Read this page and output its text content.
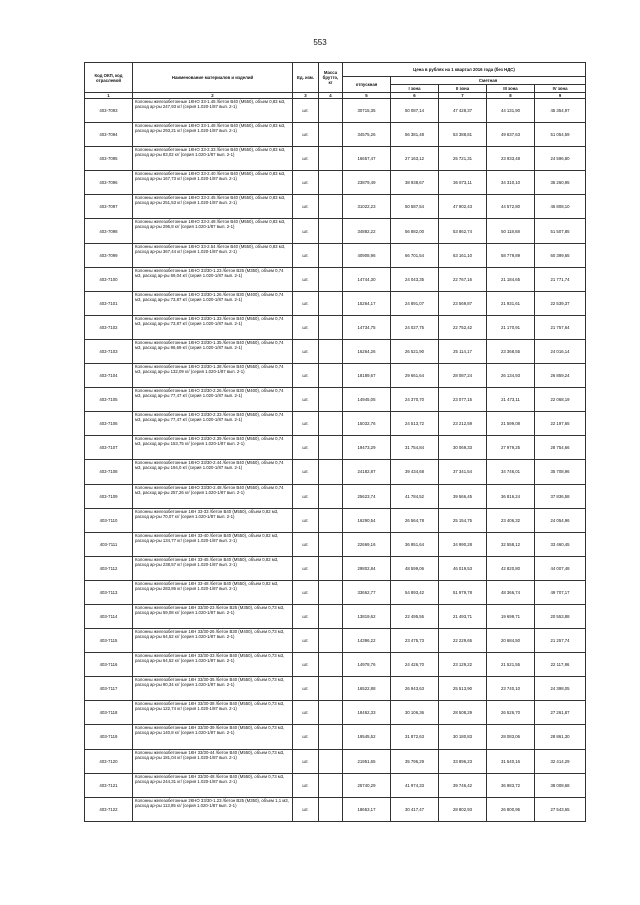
553
Код ОКП, код отраслевой	Наименование материалов и изделий	Ед. изм.	Масса брутто, кг	Цена в рублях на 1 квартал 2016 года (без НДС)				
				отпускная	Сметная			
					I зона	II зона	III зона	IV зона
1	2	3	4	5	6	7	8	9
403-7093	Колонны железобетонные 1КНО 33-1.45 /бетон В40 (М550), объем 0,83 м3, расход ар-ры 247,93 кг/ (серия 1.020-1/87 вып. 2-1)	шт.		30715,35	50 087,14	47 428,37	44 131,90	45 354,97
403-7094	Колонны железобетонные 1КНО 33-1.48 /бетон В40 (М550), объем 0,83 м3, расход ар-ры 293,21 кг/ (серия 1.020-1/87 вып. 2-1)	шт.		34575,26	56 381,48	53 388,81	49 637,63	51 054,59
403-7095	Колонны железобетонные 1КНО 33-2.33 /бетон В40 (М550), объем 0,83 м3, расход ар-ры 83,02 кг/ (серия 1.020-1/87 вып. 2-1)	шт.		16657,47	27 163,12	25 721,31	23 933,48	24 596,80
403-7096	Колонны железобетонные 1КНО 33-2.40 /бетон В40 (М550), объем 0,83 м3, расход ар-ры 167,73 кг/ (серия 1.020-1/87 вып. 2-1)	шт.		23879,49	38 938,67	36 873,11	34 310,10	35 260,95
403-7097	Колонны железобетонные 1КНО 33-2.45 /бетон В40 (М550), объем 0,83 м3, расход ар-ры 251,53 кг/ (серия 1.020-1/87 вып. 2-1)	шт.		31022,23	50 587,54	47 902,43	44 572,80	45 808,10
403-7098	Колонны железобетонные 1КНО 33-2.48 /бетон В40 (М550), объем 0,83 м3, расход ар-ры 296,8 кг/ (серия 1.020-1/87 вып. 2-1)	шт.		34882,22	56 882,00	53 862,74	50 118,68	51 507,85
403-7099	Колонны железобетонные 1КНО 33-2.54 /бетон В40 (М550), объем 0,83 м3, расход ар-ры 367,44 кг/ (серия 1.020-1/87 вып. 2-1)	шт.		40908,96	66 701,54	63 161,10	58 779,89	60 399,65
403-7100	Колонны железобетонные 1КНО 33/30-1.23 /бетон В25 (М350), объем 0,74 м3, расход ар-ры 69,04 кг/ (серия 1.020-1/87 вып. 2-1)	шт.		14744,30	24 043,35	22 767,16	21 184,65	21 771,74
403-7101	Колонны железобетонные 1КНО 33/30-1.26 /бетон В30 (М400), объем 0,74 м3, расход ар-ры 73,87 кг/ (серия 1.020-1/87 вып. 2-1)	шт.		15264,17	24 891,07	23 569,87	21 931,61	22 539,37
403-7102	Колонны железобетонные 1КНО 33/30-1.33 /бетон В40 (М550), объем 0,74 м3, расход ар-ры 73,87 кг/ (серия 1.020-1/87 вып. 2-1)	шт.		14734,75	24 027,75	22 752,42	21 170,91	21 757,64
403-7103	Колонны железобетонные 1КНО 33/30-1.35 /бетон В40 (М550), объем 0,74 м3, расход ар-ры 96,69 кг/ (серия 1.020-1/87 вып. 2-1)	шт.		16264,26	26 521,90	25 114,17	23 368,55	24 016,14
403-7104	Колонны железобетонные 1КНО 33/30-1.38 /бетон В40 (М550), объем 0,74 м3, расход ар-ры 132,09 кг/ (серия 1.020-1/87 вып. 2-1)	шт.		18189,67	29 661,64	28 087,24	26 134,93	26 859,24
403-7105	Колонны железобетонные 1КНО 33/30-2.26 /бетон В30 (М400), объем 0,74 м3, расход ар-ры 77,47 кг/ (серия 1.020-1/87 вып. 2-1)	шт.		14945,05	24 370,70	23 077,15	21 473,11	22 068,19
403-7106	Колонны железобетонные 1КНО 33/30-2.33 /бетон В40 (М550), объем 0,74 м3, расход ар-ры 77,47 кг/ (серия 1.020-1/87 вып. 2-1)	шт.		15032,76	24 513,72	23 212,59	21 599,08	22 197,65
403-7107	Колонны железобетонные 1КНО 33/30-2.39 /бетон В40 (М550), объем 0,74 м3, расход ар-ры 153,75 кг/ (серия 1.020-1/87 вып. 2-1)	шт.		19473,29	31 754,84	30 069,33	27 979,25	28 754,66
403-7108	Колонны железобетонные 1КНО 33/30-2.44 /бетон В40 (М550), объем 0,74 м3, расход ар-ры 194,0 кг/ (серия 1.020-1/87 вып. 2-1)	шт.		24182,87	39 434,68	37 341,54	34 746,01	35 708,96
403-7109	Колонны железобетонные 1КНО 33/30-2.48 /бетон В40 (М550), объем 0,74 м3, расход ар-ры 257,26 кг/ (серия 1.020-1/87 вып. 2-1)	шт.		25623,74	41 784,52	39 566,45	36 816,24	37 836,58
403-7110	Колонны железобетонные 1КН 33-33 /бетон В40 (М550), объем 0,82 м3, расход ар-ры 70,07 кг/ (серия 1.020-1/87 вып. 2-1)	шт.		16290,54	26 564,78	25 154,75	23 406,32	24 054,96
403-7111	Колонны железобетонные 1КН 33-40 /бетон В40 (М550), объем 0,82 м3, расход ар-ры 134,77 кг/ (серия 1.020-1/87 вып. 2-1)	шт.		22669,16	36 951,64	34 990,28	32 558,12	33 460,45
403-7112	Колонны железобетонные 1КН 33-45 /бетон В40 (М550), объем 0,82 м3, расход ар-ры 238,57 кг/ (серия 1.020-1/87 вып. 2-1)	шт.		29802,84	48 599,06	46 019,53	42 820,80	44 007,48
403-7113	Колонны железобетонные 1КН 33-48 /бетон В40 (М550), объем 0,82 м3, расход ар-ры 283,86 кг/ (серия 1.020-1/87 вып. 2-1)	шт.		33662,77	54 893,42	51 979,78	48 366,74	49 707,17
403-7114	Колонны железобетонные 1КН 33/30-23 /бетон В25 (М350), объем 0,73 м3, расход ар-ры 59,08 кг/ (серия 1.020-1/87 вып. 2-1)	шт.		13819,62	22 495,55	21 493,71	19 699,71	20 553,88
403-7115	Колонны железобетонные 1КН 33/30-26 /бетон В30 (М400), объем 0,73 м3, расход ар-ры 64,52 кг/ (серия 1.020-1/87 вып. 2-1)	шт.		14396,22	23 475,73	22 229,65	20 684,50	21 257,74
403-7116	Колонны железобетонные 1КН 33/30-33 /бетон В40 (М550), объем 0,73 м3, расход ар-ры 64,52 кг/ (серия 1.020-1/87 вып. 2-1)	шт.		14978,76	24 426,70	23 129,22	21 521,55	22 117,86
403-7117	Колонны железобетонные 1КН 33/30-35 /бетон В40 (М550), объем 0,73 м3, расход ар-ры 90,34 кг/ (серия 1.020-1/87 вып. 2-1)	шт.		16522,88	26 943,63	25 513,90	23 740,10	24 398,05
403-7118	Колонны железобетонные 1КН 33/30-38 /бетон В40 (М550), объем 0,73 м3, расход ар-ры 122,74 кг/ (серия 1.020-1/87 вып. 2-1)	шт.		18462,33	30 106,36	28 508,29	26 526,70	27 261,87
403-7119	Колонны железобетонные 1КН 33/30-39 /бетон В40 (М550), объем 0,73 м3, расход ар-ры 140,8 кг/ (серия 1.020-1/87 вып. 2-1)	шт.		19545,52	31 872,63	30 180,83	28 083,06	28 861,30
403-7120	Колонны железобетонные 1КН 33/30-44 /бетон В40 (М550), объем 0,73 м3, расход ар-ры 181,04 кг/ (серия 1.020-1/87 вып. 2-1)	шт.		21951,65	35 796,29	33 896,23	31 540,16	32 414,29
403-7121	Колонны железобетонные 1КН 33/30-48 /бетон В40 (М550), объем 0,73 м3, расход ар-ры 244,31 кг/ (серия 1.020-1/87 вып. 2-1)	шт.		25740,29	41 974,33	39 746,42	36 983,72	38 008,68
403-7122	Колонны железобетонные 2КНО 33/30-1.23 /бетон В25 (М350), объем 1,1 м3, расход ар-ры 113,85 кг/ (серия 1.020-1/87 вып. 2-1)	шт.		18653,17	30 417,47	28 802,93	26 800,95	27 543,65
